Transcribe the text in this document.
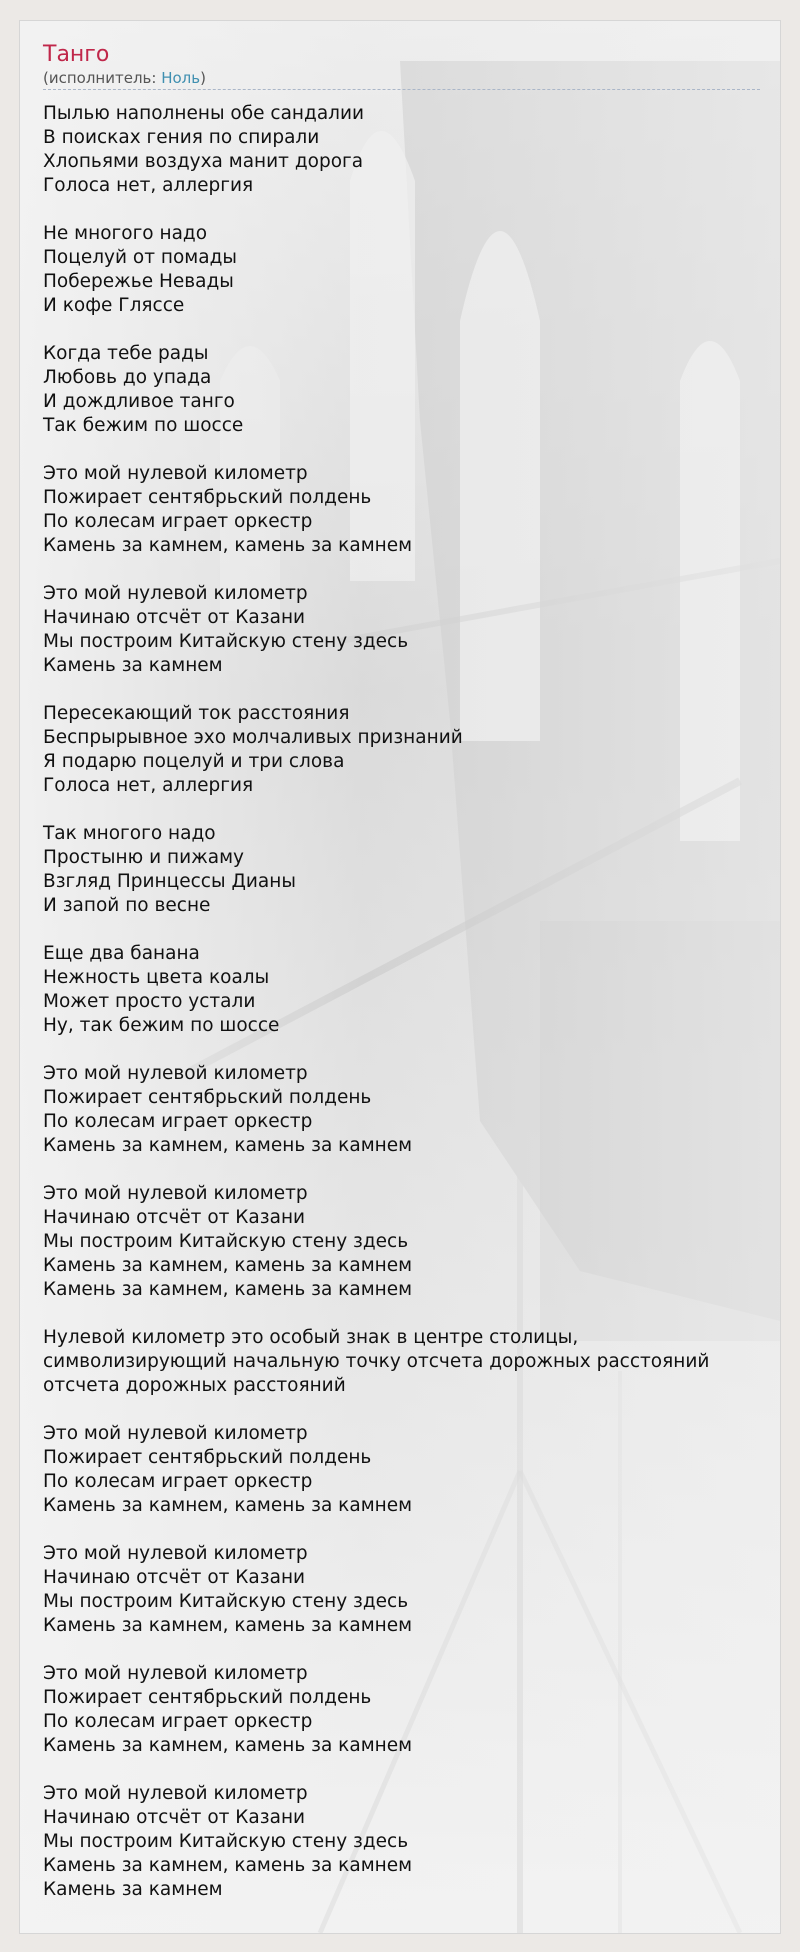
Танго
(исполнитель: Ноль)
Пылью наполнены обе сандалии
В поисках гения по спирали
Хлопьями воздуха манит дорога
Голоса нет, аллергия
Не многого надо
Поцелуй от помады
Побережье Невады
И кофе Гляссе
Когда тебе рады
Любовь до упада
И дождливое танго
Так бежим по шоссе
Это мой нулевой километр
Пожирает сентябрьский полдень
По колесам играет оркестр
Камень за камнем, камень за камнем
Это мой нулевой километр
Начинаю отсчёт от Казани
Мы построим Китайскую стену здесь
Камень за камнем
Пересекающий ток расстояния
Беспрырывное эхо молчаливых признаний
Я подарю поцелуй и три слова
Голоса нет, аллергия
Так многого надо
Простыню и пижаму
Взгляд Принцессы Дианы
И запой по весне
Еще два банана
Нежность цвета коалы
Может просто устали
Ну, так бежим по шоссе
Это мой нулевой километр
Пожирает сентябрьский полдень
По колесам играет оркестр
Камень за камнем, камень за камнем
Это мой нулевой километр
Начинаю отсчёт от Казани
Мы построим Китайскую стену здесь
Камень за камнем, камень за камнем
Камень за камнем, камень за камнем
Нулевой километр это особый знак в центре столицы,
символизирующий начальную точку отсчета дорожных расстояний
отсчета дорожных расстояний
Это мой нулевой километр
Пожирает сентябрьский полдень
По колесам играет оркестр
Камень за камнем, камень за камнем
Это мой нулевой километр
Начинаю отсчёт от Казани
Мы построим Китайскую стену здесь
Камень за камнем, камень за камнем
Это мой нулевой километр
Пожирает сентябрьский полдень
По колесам играет оркестр
Камень за камнем, камень за камнем
Это мой нулевой километр
Начинаю отсчёт от Казани
Мы построим Китайскую стену здесь
Камень за камнем, камень за камнем
Камень за камнем
